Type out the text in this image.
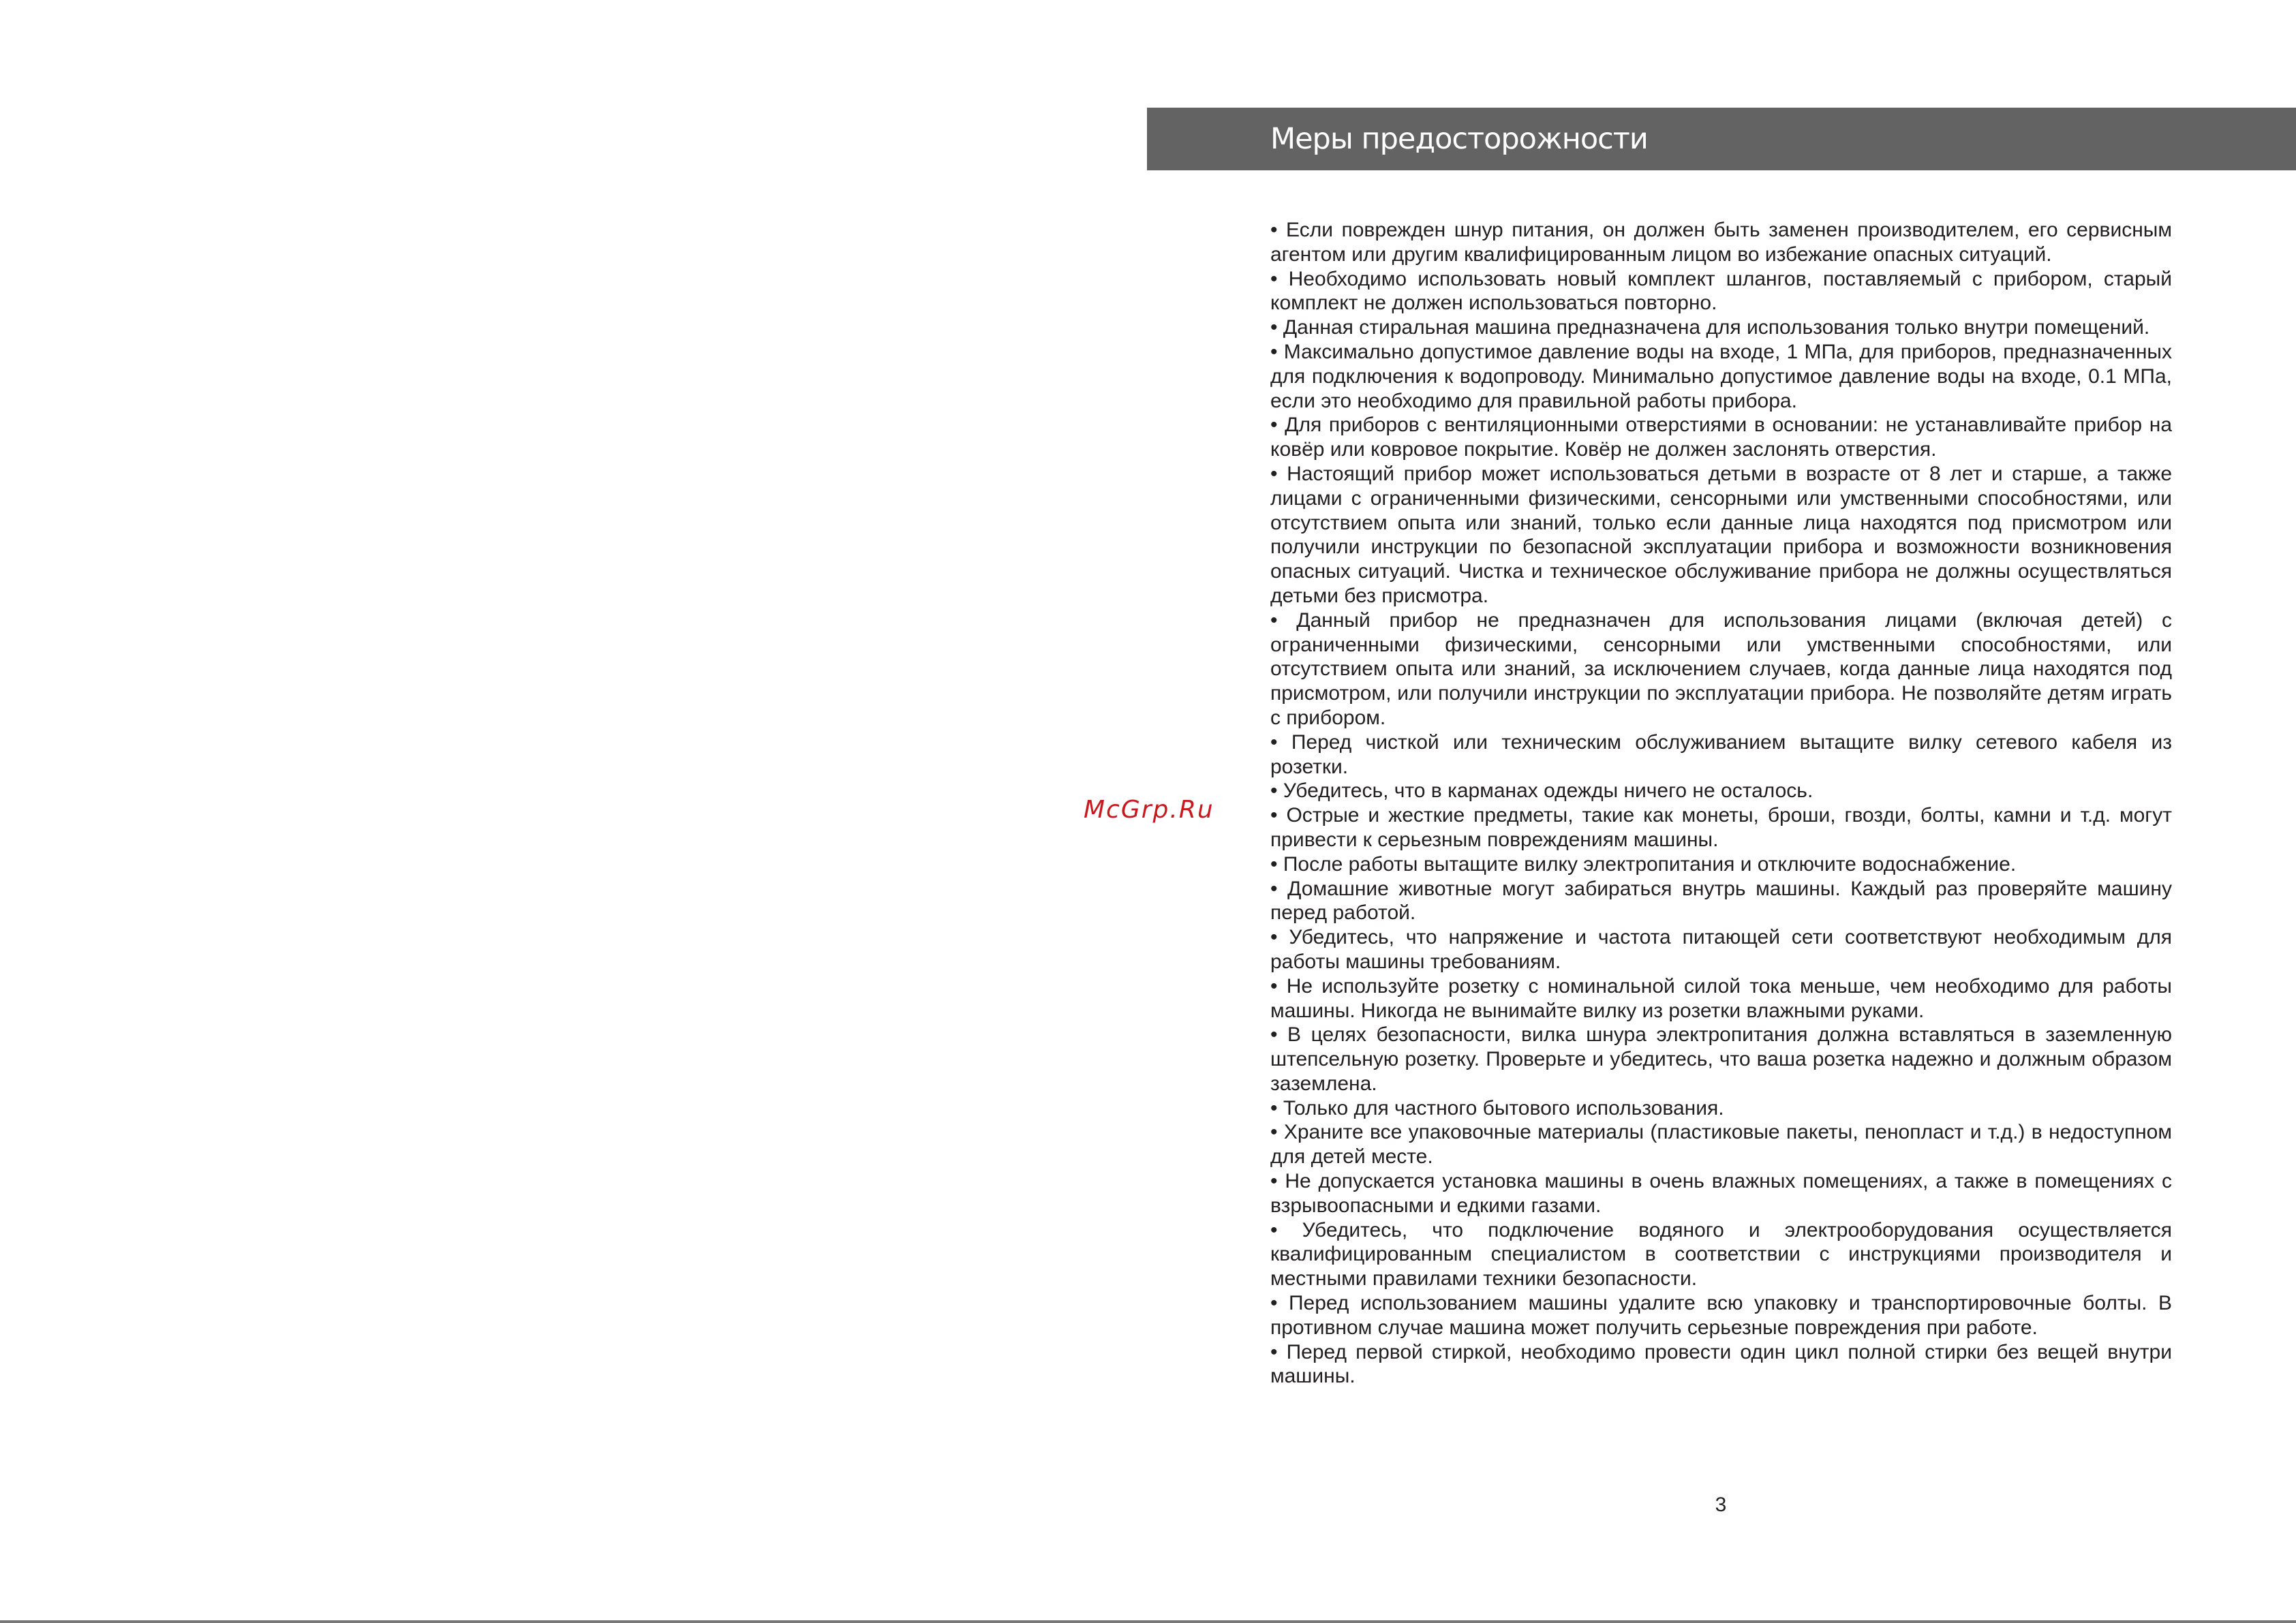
Меры предосторожности
McGrp.Ru
• Если поврежден шнур питания, он должен быть заменен производителем, его сервисным агентом или другим квалифицированным лицом во избежание опасных ситуаций.
• Необходимо использовать новый комплект шлангов, поставляемый с прибором, старый комплект не должен использоваться повторно.
• Данная стиральная машина предназначена для использования только внутри помещений.
• Максимально допустимое давление воды на входе, 1 МПа, для приборов, предназначенных для подключения к водопроводу. Минимально допустимое давление воды на входе, 0.1 МПа, если это необходимо для правильной работы прибора.
• Для приборов с вентиляционными отверстиями в основании: не устанавливайте прибор на ковёр или ковровое покрытие. Ковёр не должен заслонять отверстия.
• Настоящий прибор может использоваться детьми в возрасте от 8 лет и старше, а также лицами с ограниченными физическими, сенсорными или умственными способностями, или отсутствием опыта или знаний, только если данные лица находятся под присмотром или получили инструкции по безопасной эксплуатации прибора и возможности возникновения опасных ситуаций. Чистка и техническое обслуживание прибора не должны осуществляться детьми без присмотра.
• Данный прибор не предназначен для использования лицами (включая детей) с ограниченными физическими, сенсорными или умственными способностями, или отсутствием опыта или знаний, за исключением случаев, когда данные лица находятся под присмотром, или получили инструкции по эксплуатации прибора. Не позволяйте детям играть с прибором.
• Перед чисткой или техническим обслуживанием вытащите вилку сетевого кабеля из розетки.
• Убедитесь, что в карманах одежды ничего не осталось.
• Острые и жесткие предметы, такие как монеты, броши, гвозди, болты, камни и т.д. могут привести к серьезным повреждениям машины.
• После работы вытащите вилку электропитания и отключите водоснабжение.
• Домашние животные могут забираться внутрь машины. Каждый раз проверяйте машину перед работой.
• Убедитесь, что напряжение и частота питающей сети соответствуют необходимым для работы машины требованиям.
• Не используйте розетку с номинальной силой тока меньше, чем необходимо для работы машины. Никогда не вынимайте вилку из розетки влажными руками.
• В целях безопасности, вилка шнура электропитания должна вставляться в заземленную штепсельную розетку. Проверьте и убедитесь, что ваша розетка надежно и должным образом заземлена.
• Только для частного бытового использования.
• Храните все упаковочные материалы (пластиковые пакеты, пенопласт и т.д.) в недоступном для детей месте.
• Не допускается установка машины в очень влажных помещениях, а также в помещениях с взрывоопасными и едкими газами.
• Убедитесь, что подключение водяного и электрооборудования осуществляется квалифицированным специалистом в соответствии с инструкциями производителя и местными правилами техники безопасности.
• Перед использованием машины удалите всю упаковку и транспортировочные болты. В противном случае машина может получить серьезные повреждения при работе.
• Перед первой стиркой, необходимо провести один цикл полной стирки без вещей внутри машины.
3
